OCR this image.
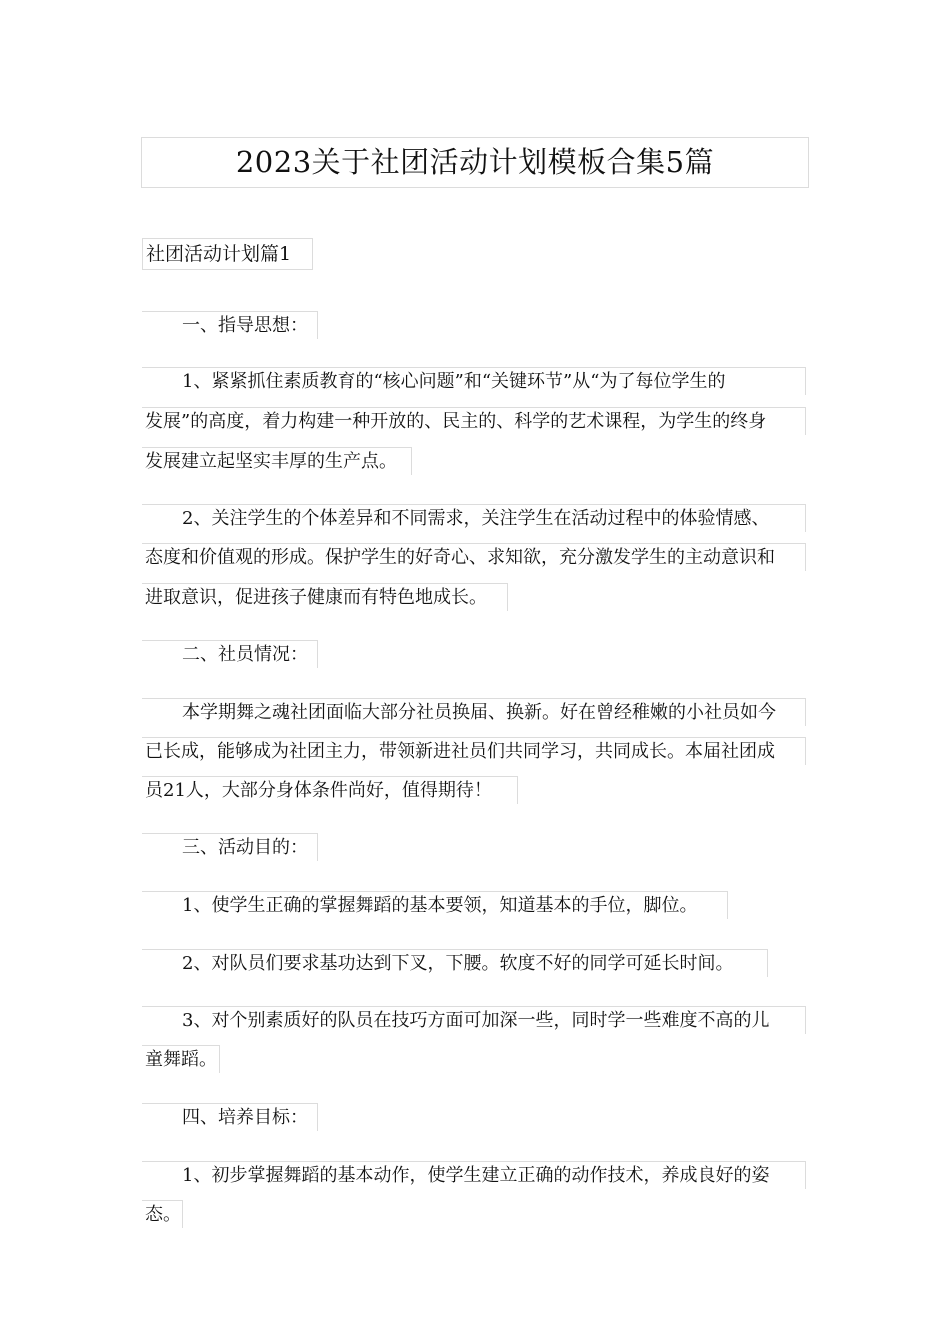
2023关于社团活动计划模板合集5篇
社团活动计划篇1
一、指导思想：
1、紧紧抓住素质教育的“核心问题”和“关键环节”从“为了每位学生的
发展”的高度，着力构建一种开放的、民主的、科学的艺术课程，为学生的终身
发展建立起坚实丰厚的生产点。
2、关注学生的个体差异和不同需求，关注学生在活动过程中的体验情感、
态度和价值观的形成。保护学生的好奇心、求知欲，充分激发学生的主动意识和
进取意识，促进孩子健康而有特色地成长。
二、社员情况：
本学期舞之魂社团面临大部分社员换届、换新。好在曾经稚嫩的小社员如今
已长成，能够成为社团主力，带领新进社员们共同学习，共同成长。本届社团成
员21人，大部分身体条件尚好，值得期待！
三、活动目的：
1、使学生正确的掌握舞蹈的基本要领，知道基本的手位，脚位。
2、对队员们要求基功达到下叉，下腰。软度不好的同学可延长时间。
3、对个别素质好的队员在技巧方面可加深一些，同时学一些难度不高的儿
童舞蹈。
四、培养目标：
1、初步掌握舞蹈的基本动作，使学生建立正确的动作技术，养成良好的姿
态。
